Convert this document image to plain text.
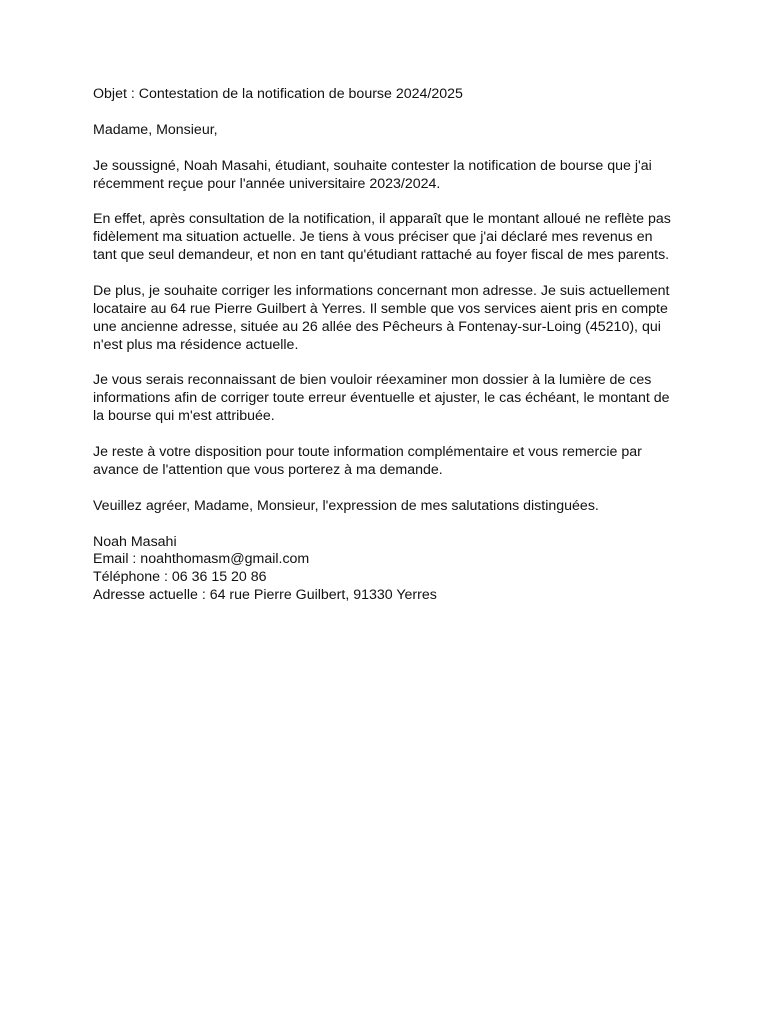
Objet : Contestation de la notification de bourse 2024/2025
Madame, Monsieur,
Je soussigné, Noah Masahi, étudiant, souhaite contester la notification de bourse que j'ai
récemment reçue pour l'année universitaire 2023/2024.
En effet, après consultation de la notification, il apparaît que le montant alloué ne reflète pas
fidèlement ma situation actuelle. Je tiens à vous préciser que j'ai déclaré mes revenus en
tant que seul demandeur, et non en tant qu'étudiant rattaché au foyer fiscal de mes parents.
De plus, je souhaite corriger les informations concernant mon adresse. Je suis actuellement
locataire au 64 rue Pierre Guilbert à Yerres. Il semble que vos services aient pris en compte
une ancienne adresse, située au 26 allée des Pêcheurs à Fontenay-sur-Loing (45210), qui
n'est plus ma résidence actuelle.
Je vous serais reconnaissant de bien vouloir réexaminer mon dossier à la lumière de ces
informations afin de corriger toute erreur éventuelle et ajuster, le cas échéant, le montant de
la bourse qui m'est attribuée.
Je reste à votre disposition pour toute information complémentaire et vous remercie par
avance de l'attention que vous porterez à ma demande.
Veuillez agréer, Madame, Monsieur, l'expression de mes salutations distinguées.
Noah Masahi
Email : noahthomasm@gmail.com
Téléphone : 06 36 15 20 86
Adresse actuelle : 64 rue Pierre Guilbert, 91330 Yerres
